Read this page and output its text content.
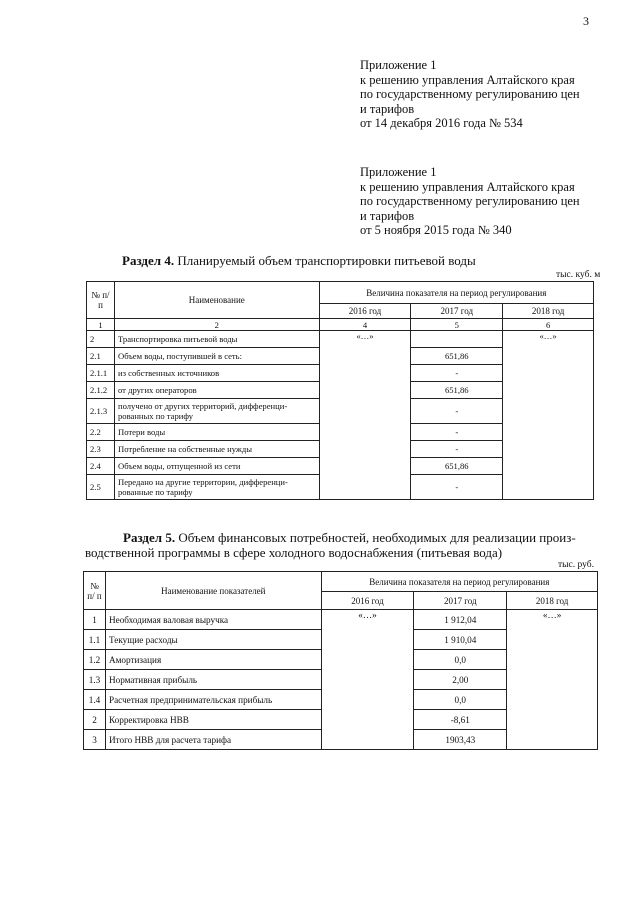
3
Приложение 1
к решению управления Алтайского края
по государственному регулированию цен
и тарифов
от 14 декабря 2016 года № 534
Приложение 1
к решению управления Алтайского края
по государственному регулированию цен
и тарифов
от 5 ноября 2015 года № 340
Раздел 4. Планируемый объем транспортировки питьевой воды
тыс. куб. м
№ п/п	Наименование	Величина показателя на период регулирования		
		2016 год	2017 год	2018 год
1	2	4	5	6
2	Транспортировка питьевой воды	«…»		«…»
2.1	Объем воды, поступившей в сеть:		651,86	
2.1.1	из собственных источников		-	
2.1.2	от других операторов		651,86	
2.1.3	получено от других территорий, дифференци-рованных по тарифу		-	
2.2	Потери воды		-	
2.3	Потребление на собственные нужды		-	
2.4	Объем воды, отпущенной из сети		651,86	
2.5	Передано на другие территории, дифференци-рованные по тарифу		-	
Раздел 5. Объем финансовых потребностей, необходимых для реализации произ-
водственной программы в сфере холодного водоснабжения (питьевая вода)
тыс. руб.
№ п/ п	Наименование показателей	Величина показателя на период регулирования		
		2016 год	2017 год	2018 год
1	Необходимая валовая выручка	«…»	1 912,04	«…»
1.1	Текущие расходы		1 910,04	
1.2	Амортизация		0,0	
1.3	Нормативная прибыль		2,00	
1.4	Расчетная предпринимательская прибыль		0,0	
2	Корректировка НВВ		-8,61	
3	Итого НВВ для расчета тарифа		1903,43	
